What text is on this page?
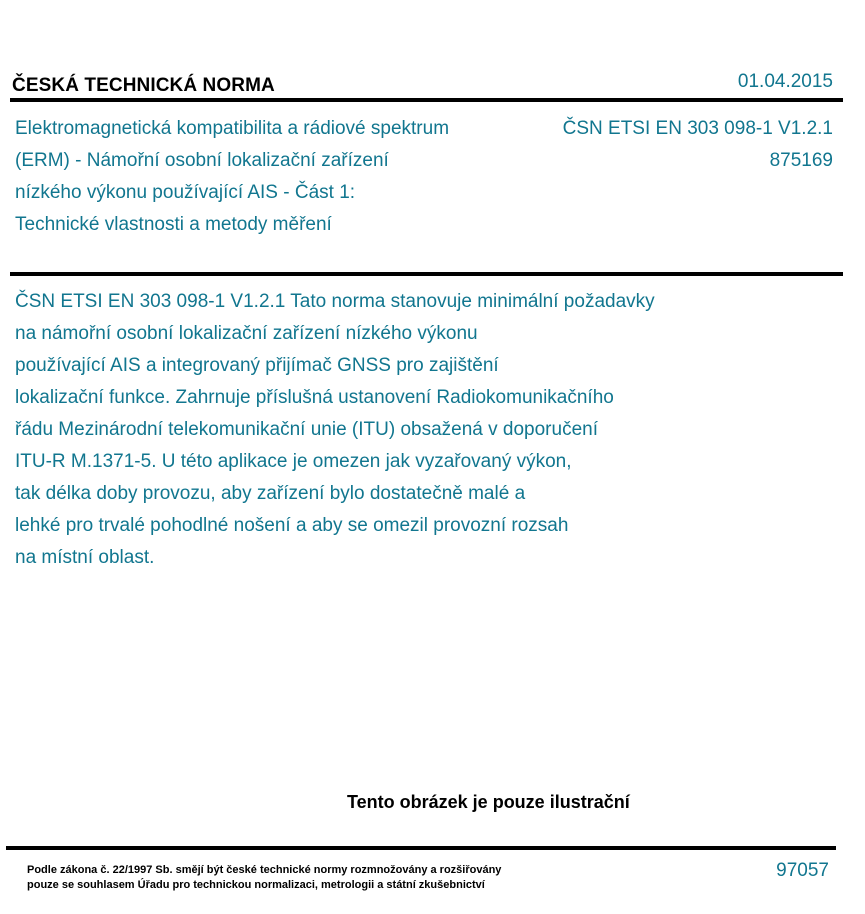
ČESKÁ TECHNICKÁ NORMA	01.04.2015
Elektromagnetická kompatibilita a rádiové spektrum
(ERM) - Námořní osobní lokalizační zařízení
nízkého výkonu používající AIS - Část 1:
Technické vlastnosti a metody měření
ČSN ETSI EN 303 098-1 V1.2.1
875169
ČSN ETSI EN 303 098-1 V1.2.1 Tato norma stanovuje minimální požadavky
na námořní osobní lokalizační zařízení nízkého výkonu
používající AIS a integrovaný přijímač GNSS pro zajištění
lokalizační funkce. Zahrnuje příslušná ustanovení Radiokomunikačního
řádu Mezinárodní telekomunikační unie (ITU) obsažená v doporučení
ITU-R M.1371-5. U této aplikace je omezen jak vyzařovaný výkon,
tak délka doby provozu, aby zařízení bylo dostatečně malé a
lehké pro trvalé pohodlné nošení a aby se omezil provozní rozsah
na místní oblast.
Tento obrázek je pouze ilustrační
Podle zákona č. 22/1997 Sb. smějí být české technické normy rozmnožovány a rozšiřovány
pouze se souhlasem Úřadu pro technickou normalizaci, metrologii a státní zkušebnictví
97057
